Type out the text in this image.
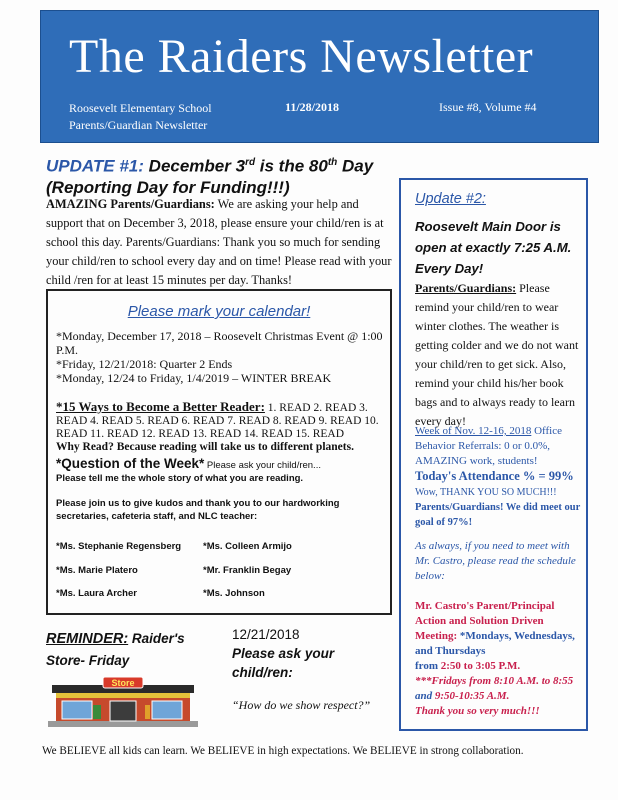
The Raiders Newsletter
Roosevelt Elementary School
Parents/Guardian Newsletter
11/28/2018	Issue #8, Volume #4
UPDATE #1: December 3rd is the 80th Day
(Reporting Day for Funding!!!)
AMAZING Parents/Guardians: We are asking your help and support that on December 3, 2018, please ensure your child/ren is at school this day. Parents/Guardians: Thank you so much for sending your child/ren to school every day and on time! Please read with your child /ren for at least 15 minutes per day. Thanks!
Please mark your calendar!
*Monday, December 17, 2018 – Roosevelt Christmas Event @ 1:00 P.M.
*Friday, 12/21/2018: Quarter 2 Ends
*Monday, 12/24 to Friday, 1/4/2019 – WINTER BREAK
*15 Ways to Become a Better Reader: 1. READ 2. READ 3. READ 4. READ 5. READ 6. READ 7. READ 8. READ 9. READ 10. READ 11. READ 12. READ 13. READ 14. READ 15. READ
Why Read? Because reading will take us to different planets.
*Question of the Week* Please ask your child/ren...
Please tell me the whole story of what you are reading.
Please join us to give kudos and thank you to our hardworking secretaries, cafeteria staff, and NLC teacher:
*Ms. Stephanie Regensberg *Ms. Colleen Armijo
*Ms. Marie Platero	*Mr. Franklin Begay
*Ms. Laura Archer	*Ms. Johnson
REMINDER: Raider's
Store- Friday
Store
12/21/2018
Please ask your child/ren:
“How do we show respect?”
Update #2:
Roosevelt Main Door is open at exactly 7:25 A.M. Every Day!
Parents/Guardians: Please remind your child/ren to wear winter clothes. The weather is getting colder and we do not want your child/ren to get sick. Also, remind your child his/her book bags and to always ready to learn every day!
Week of Nov. 12-16, 2018 Office Behavior Referrals: 0 or 0.0%, AMAZING work, students!
Today's Attendance % = 99%
Wow, THANK YOU SO MUCH!!!
Parents/Guardians! We did meet our goal of 97%!
As always, if you need to meet with Mr. Castro, please read the schedule below:
Mr. Castro's Parent/Principal Action and Solution Driven Meeting: *Mondays, Wednesdays, and Thursdays
from 2:50 to 3:05 P.M.
***Fridays from 8:10 A.M. to 8:55
and 9:50-10:35 A.M.
Thank you so very much!!!
We BELIEVE all kids can learn. We BELIEVE in high expectations. We BELIEVE in strong collaboration.
